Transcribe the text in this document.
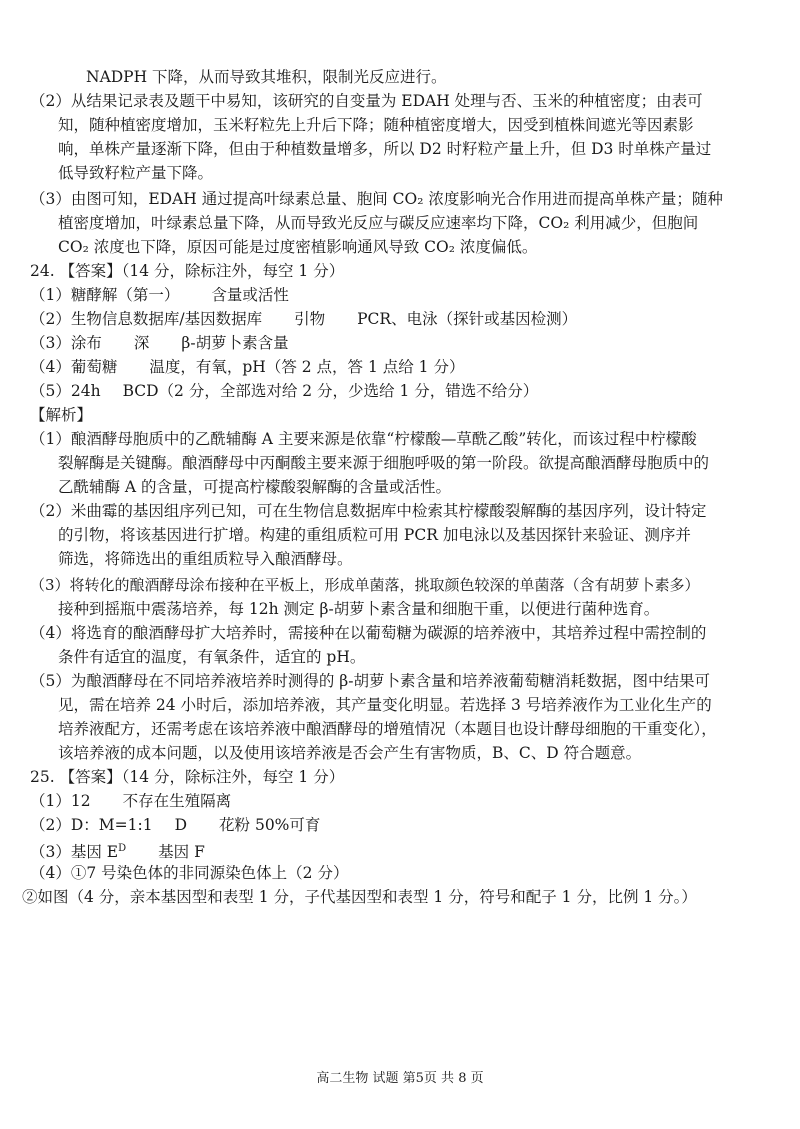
NADPH 下降，从而导致其堆积，限制光反应进行。
（2）从结果记录表及题干中易知，该研究的自变量为 EDAH 处理与否、玉米的种植密度；由表可
知，随种植密度增加，玉米籽粒先上升后下降；随种植密度增大，因受到植株间遮光等因素影
响，单株产量逐渐下降，但由于种植数量增多，所以 D2 时籽粒产量上升，但 D3 时单株产量过
低导致籽粒产量下降。
（3）由图可知，EDAH 通过提高叶绿素总量、胞间 CO₂ 浓度影响光合作用进而提高单株产量；随种
植密度增加，叶绿素总量下降，从而导致光反应与碳反应速率均下降，CO₂ 利用减少，但胞间
CO₂ 浓度也下降，原因可能是过度密植影响通风导致 CO₂ 浓度偏低。
24. 【答案】（14 分，除标注外，每空 1 分）
（1）糖酵解（第一） 含量或活性
（2）生物信息数据库/基因数据库 引物 PCR、电泳（探针或基因检测）
（3）涂布 深 β-胡萝卜素含量
（4）葡萄糖 温度，有氧，pH（答 2 点，答 1 点给 1 分）
（5）24h BCD（2 分，全部选对给 2 分，少选给 1 分，错选不给分）
【解析】
（1）酿酒酵母胞质中的乙酰辅酶 A 主要来源是依靠“柠檬酸—草酰乙酸”转化，而该过程中柠檬酸
裂解酶是关键酶。酿酒酵母中丙酮酸主要来源于细胞呼吸的第一阶段。欲提高酿酒酵母胞质中的
乙酰辅酶 A 的含量，可提高柠檬酸裂解酶的含量或活性。
（2）米曲霉的基因组序列已知，可在生物信息数据库中检索其柠檬酸裂解酶的基因序列，设计特定
的引物，将该基因进行扩增。构建的重组质粒可用 PCR 加电泳以及基因探针来验证、测序并
筛选，将筛选出的重组质粒导入酿酒酵母。
（3）将转化的酿酒酵母涂布接种在平板上，形成单菌落，挑取颜色较深的单菌落（含有胡萝卜素多）
接种到摇瓶中震荡培养，每 12h 测定 β-胡萝卜素含量和细胞干重，以便进行菌种选育。
（4）将选育的酿酒酵母扩大培养时，需接种在以葡萄糖为碳源的培养液中，其培养过程中需控制的
条件有适宜的温度，有氧条件，适宜的 pH。
（5）为酿酒酵母在不同培养液培养时测得的 β-胡萝卜素含量和培养液葡萄糖消耗数据，图中结果可
见，需在培养 24 小时后，添加培养液，其产量变化明显。若选择 3 号培养液作为工业化生产的
培养液配方，还需考虑在该培养液中酿酒酵母的增殖情况（本题目也设计酵母细胞的干重变化），
该培养液的成本问题，以及使用该培养液是否会产生有害物质，B、C、D 符合题意。
25. 【答案】（14 分，除标注外，每空 1 分）
（1）12 不存在生殖隔离
（2）D：M=1:1 D 花粉 50%可育
（3）基因 $E^D$ 基因 F
（4）①7 号染色体的非同源染色体上（2 分）
②如图（4 分，亲本基因型和表型 1 分，子代基因型和表型 1 分，符号和配子 1 分，比例 1 分。）
高二生物 试题 第5页 共 8 页
